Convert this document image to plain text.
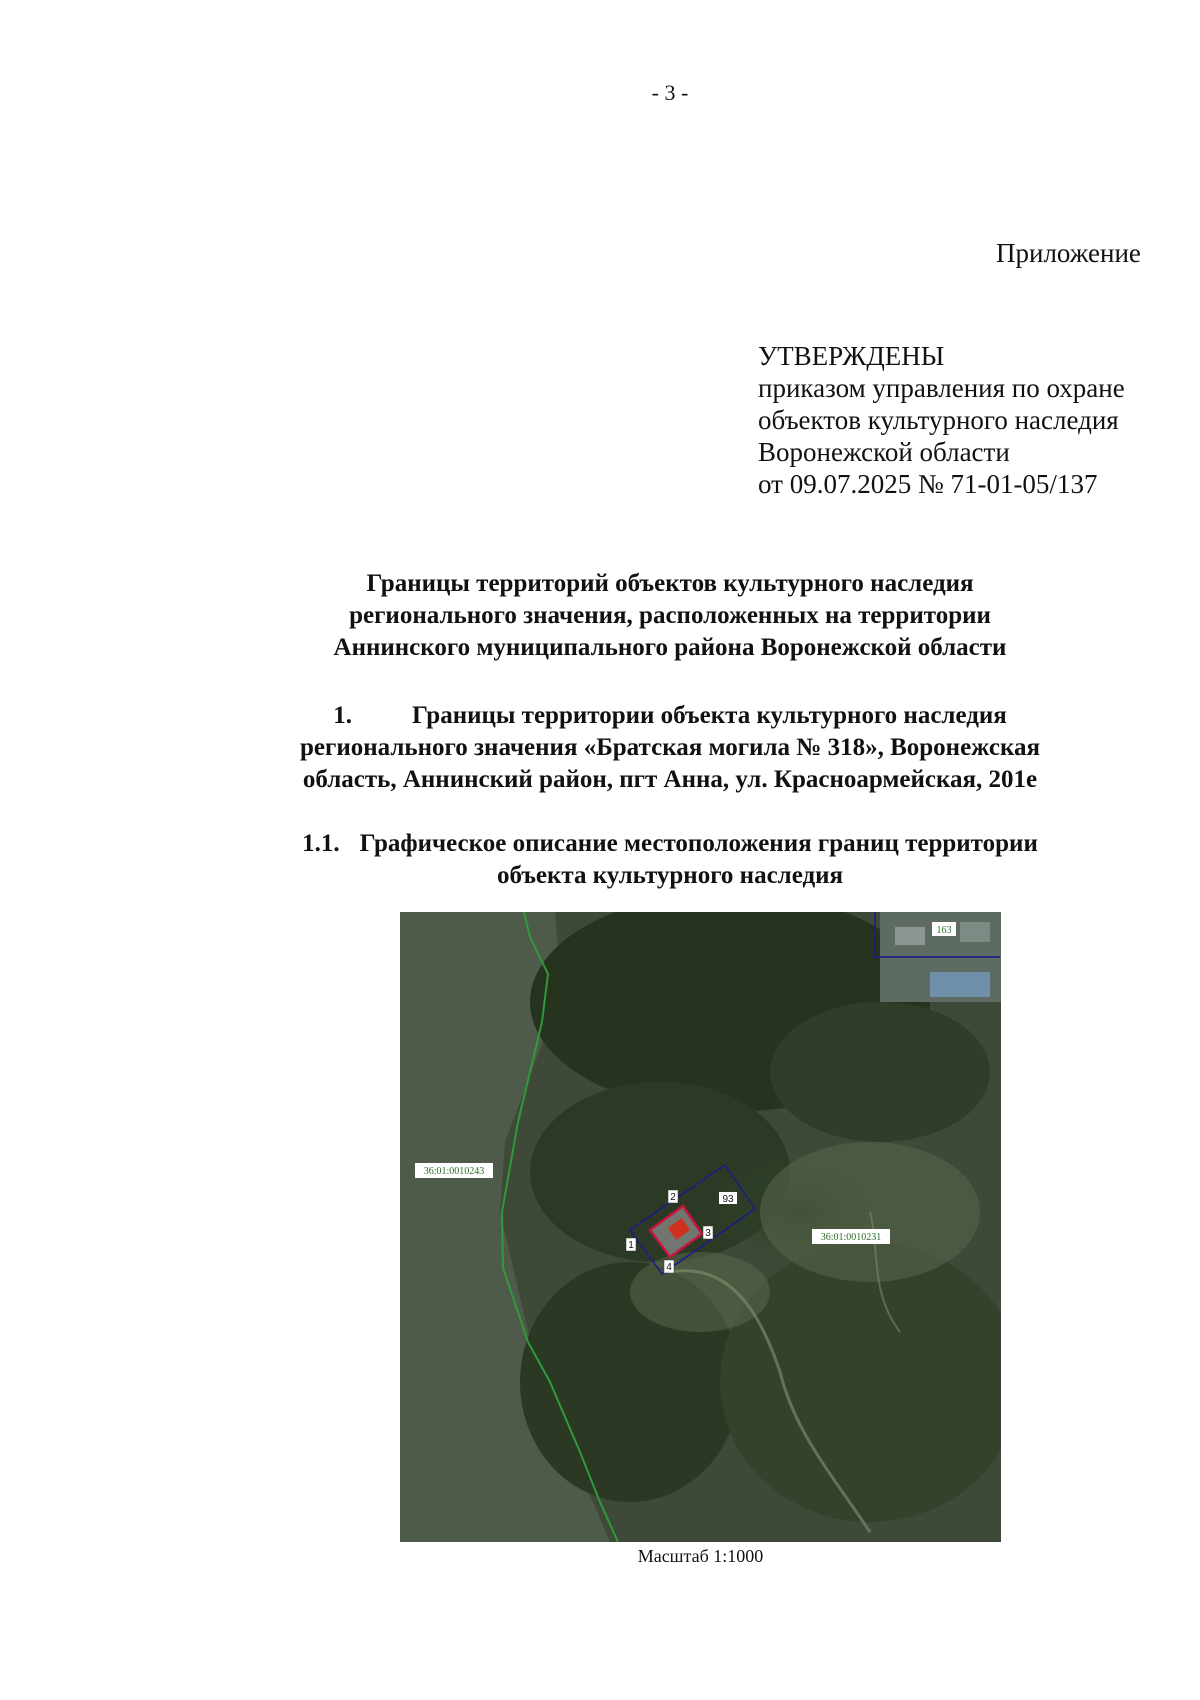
- 3 -
Приложение
УТВЕРЖДЕНЫ
приказом управления по охране
объектов культурного наследия
Воронежской области
от 09.07.2025 № 71-01-05/137
Границы территорий объектов культурного наследия
регионального значения, расположенных на территории
Аннинского муниципального района Воронежской области
1. Границы территории объекта культурного наследия
регионального значения «Братская могила № 318», Воронежская
область, Аннинский район, пгт Анна, ул. Красноармейская, 201е
1.1. Графическое описание местоположения границ территории
объекта культурного наследия
163
36:01:0010243
36:01:0010231
93
1
2
3
4
Масштаб 1:1000
